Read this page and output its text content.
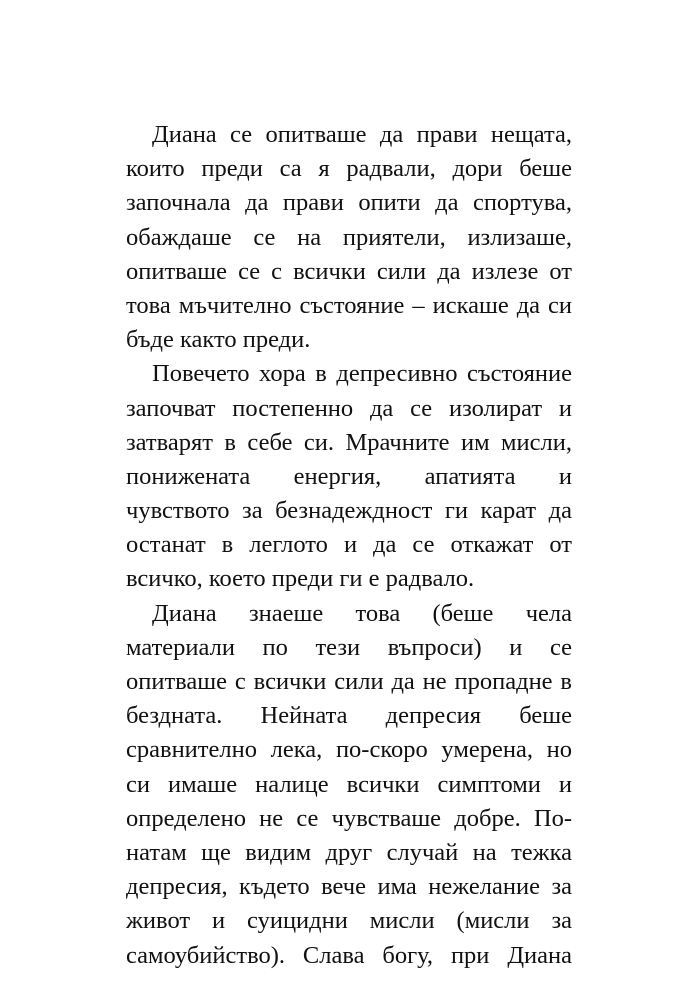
Диана се опитваше да прави нещата,
които преди са я радвали, дори беше
започнала да прави опити да спортува,
обаждаше се на приятели, излизаше,
опитваше се с всички сили да излезе от
това мъчително състояние – искаше да си
бъде както преди.

Повечето хора в депресивно състояние
започват постепенно да се изолират и
затварят в себе си. Мрачните им мисли,
понижената енергия, апатията и
чувството за безнадеждност ги карат да
останат в леглото и да се откажат от
всичко, което преди ги е радвало.

Диана знаеше това (беше чела
материали по тези въпроси) и се
опитваше с всички сили да не пропадне в
бездната. Нейната депресия беше
сравнително лека, по-скоро умерена, но
си имаше налице всички симптоми и
определено не се чувстваше добре. По-
натам ще видим друг случай на тежка
депресия, където вече има нежелание за
живот и суицидни мисли (мисли за
самоубийство). Слава богу, при Диана
